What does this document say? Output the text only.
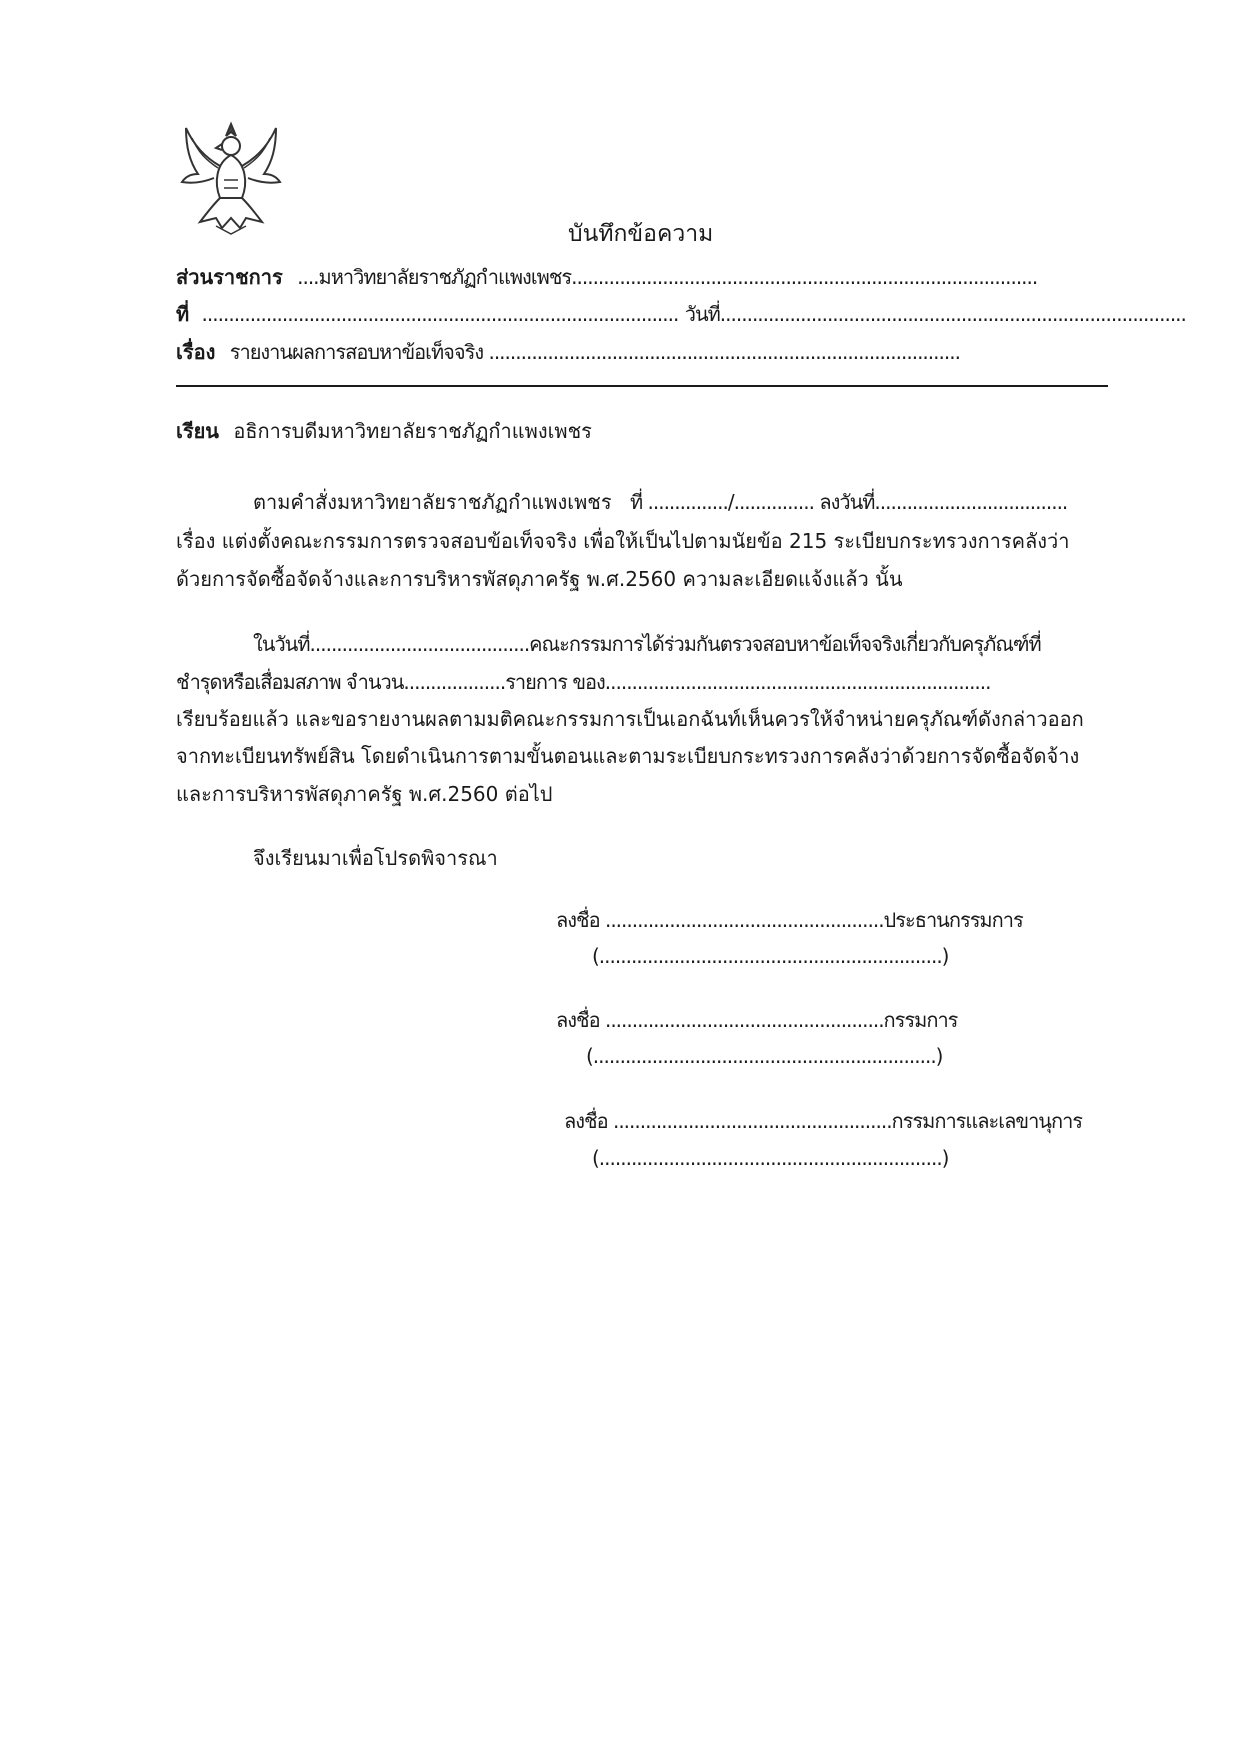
บันทึกข้อความ
ส่วนราชการ ....มหาวิทยาลัยราชภัฏกำแพงเพชร.......................................................................................
ที่ ......................................................................................... วันที่.......................................................................................
เรื่อง รายงานผลการสอบหาข้อเท็จจริง ........................................................................................
เรียน อธิการบดีมหาวิทยาลัยราชภัฏกำแพงเพชร
ตามคำสั่งมหาวิทยาลัยราชภัฏกำแพงเพชร ที่ .............../............... ลงวันที่....................................
เรื่อง แต่งตั้งคณะกรรมการตรวจสอบข้อเท็จจริง เพื่อให้เป็นไปตามนัยข้อ 215 ระเบียบกระทรวงการคลังว่า
ด้วยการจัดซื้อจัดจ้างและการบริหารพัสดุภาครัฐ พ.ศ.2560 ความละเอียดแจ้งแล้ว นั้น
ในวันที่.........................................คณะกรรมการได้ร่วมกันตรวจสอบหาข้อเท็จจริงเกี่ยวกับครุภัณฑ์ที่
ชำรุดหรือเสื่อมสภาพ จำนวน...................รายการ ของ........................................................................
เรียบร้อยแล้ว และขอรายงานผลตามมติคณะกรรมการเป็นเอกฉันท์เห็นควรให้จำหน่ายครุภัณฑ์ดังกล่าวออก
จากทะเบียนทรัพย์สิน โดยดำเนินการตามขั้นตอนและตามระเบียบกระทรวงการคลังว่าด้วยการจัดซื้อจัดจ้าง
และการบริหารพัสดุภาครัฐ พ.ศ.2560 ต่อไป
จึงเรียนมาเพื่อโปรดพิจารณา
ลงชื่อ ....................................................ประธานกรรมการ
(................................................................)
ลงชื่อ ....................................................กรรมการ
(................................................................)
ลงชื่อ ....................................................กรรมการและเลขานุการ
(................................................................)
